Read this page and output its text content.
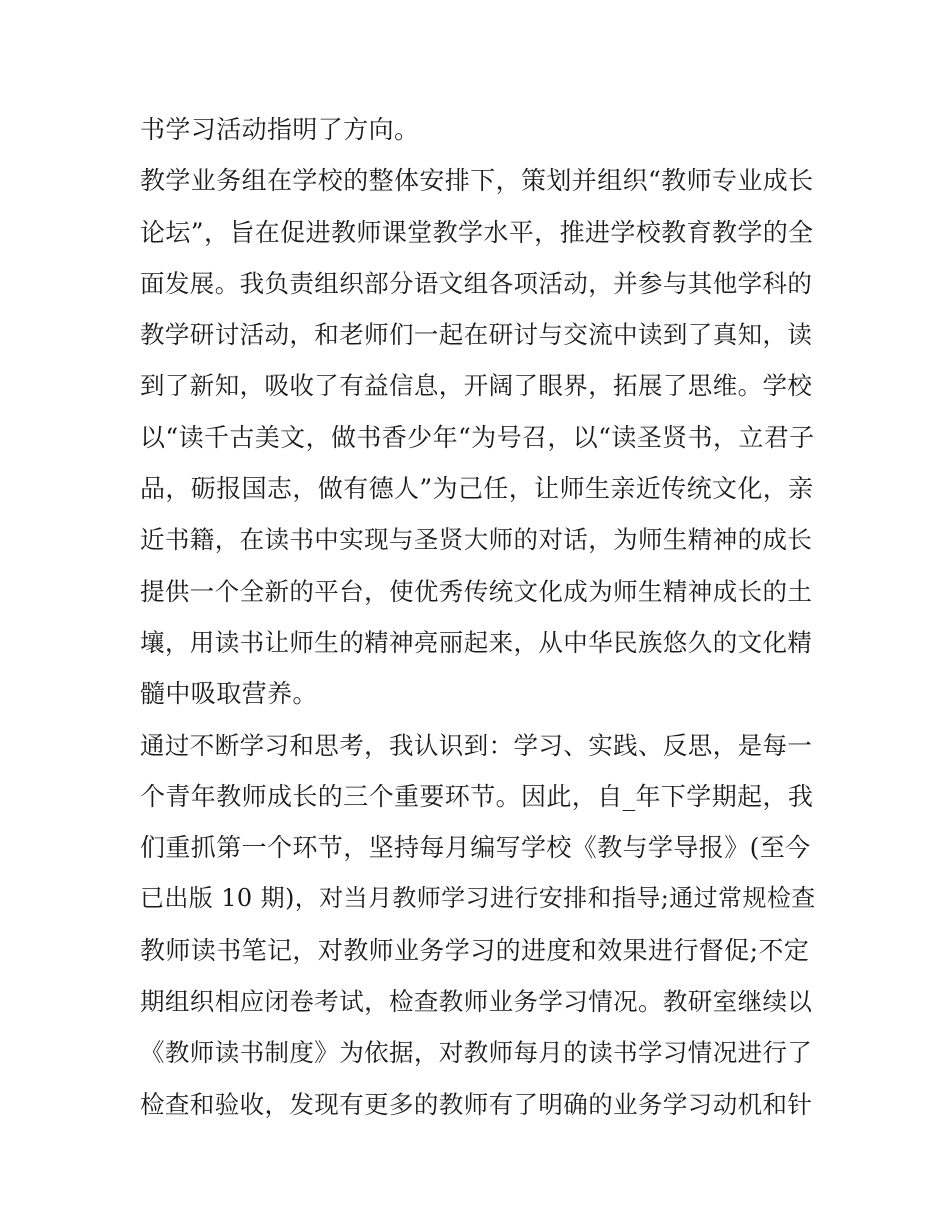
书学习活动指明了方向。
教学业务组在学校的整体安排下，策划并组织“教师专业成长
论坛”，旨在促进教师课堂教学水平，推进学校教育教学的全
面发展。我负责组织部分语文组各项活动，并参与其他学科的
教学研讨活动，和老师们一起在研讨与交流中读到了真知，读
到了新知，吸收了有益信息，开阔了眼界，拓展了思维。学校
以“读千古美文，做书香少年“为号召，以“读圣贤书，立君子
品，砺报国志，做有德人”为己任，让师生亲近传统文化，亲
近书籍，在读书中实现与圣贤大师的对话，为师生精神的成长
提供一个全新的平台，使优秀传统文化成为师生精神成长的土
壤，用读书让师生的精神亮丽起来，从中华民族悠久的文化精
髓中吸取营养。
通过不断学习和思考，我认识到：学习、实践、反思，是每一
个青年教师成长的三个重要环节。因此，自_年下学期起，我
们重抓第一个环节，坚持每月编写学校《教与学导报》(至今
已出版 10 期)，对当月教师学习进行安排和指导;通过常规检查
教师读书笔记，对教师业务学习的进度和效果进行督促;不定
期组织相应闭卷考试，检查教师业务学习情况。教研室继续以
《教师读书制度》为依据，对教师每月的读书学习情况进行了
检查和验收，发现有更多的教师有了明确的业务学习动机和针
